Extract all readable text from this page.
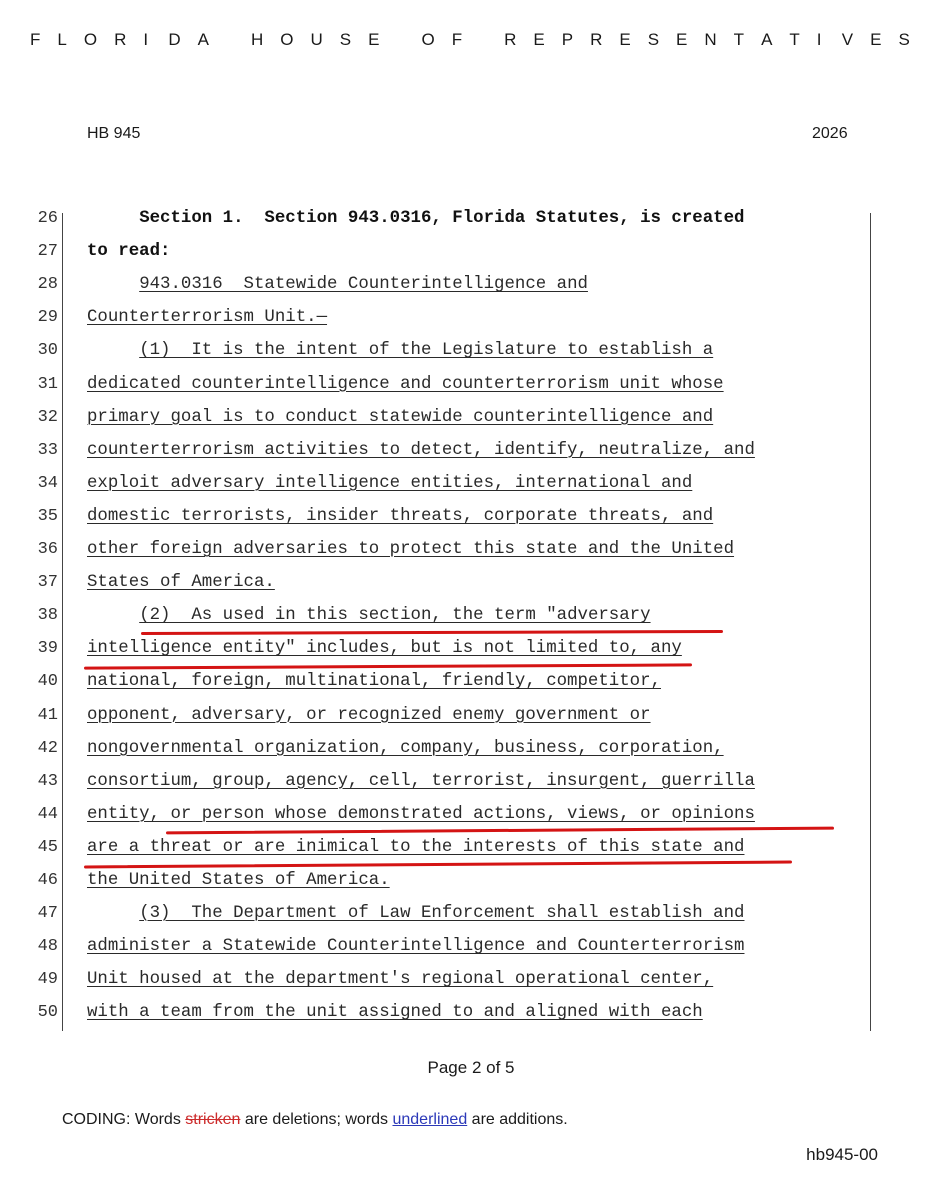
F L O R I D A H O U S E O F R E P R E S E N T A T I V E S
HB 945	2026
26
27
28
29
30
31
32
33
34
35
36
37
38
39
40
41
42
43
44
45
46
47
48
49
50
Section 1.  Section 943.0316, Florida Statutes, is created
to read:
943.0316  Statewide Counterintelligence and
Counterterrorism Unit.—
(1)  It is the intent of the Legislature to establish a
dedicated counterintelligence and counterterrorism unit whose
primary goal is to conduct statewide counterintelligence and
counterterrorism activities to detect, identify, neutralize, and
exploit adversary intelligence entities, international and
domestic terrorists, insider threats, corporate threats, and
other foreign adversaries to protect this state and the United
States of America.
(2)  As used in this section, the term "adversary
intelligence entity" includes, but is not limited to, any
national, foreign, multinational, friendly, competitor,
opponent, adversary, or recognized enemy government or
nongovernmental organization, company, business, corporation,
consortium, group, agency, cell, terrorist, insurgent, guerrilla
entity, or person whose demonstrated actions, views, or opinions
are a threat or are inimical to the interests of this state and
the United States of America.
(3)  The Department of Law Enforcement shall establish and
administer a Statewide Counterintelligence and Counterterrorism
Unit housed at the department's regional operational center,
with a team from the unit assigned to and aligned with each
Page 2 of 5
CODING: Words stricken are deletions; words underlined are additions.
hb945-00
